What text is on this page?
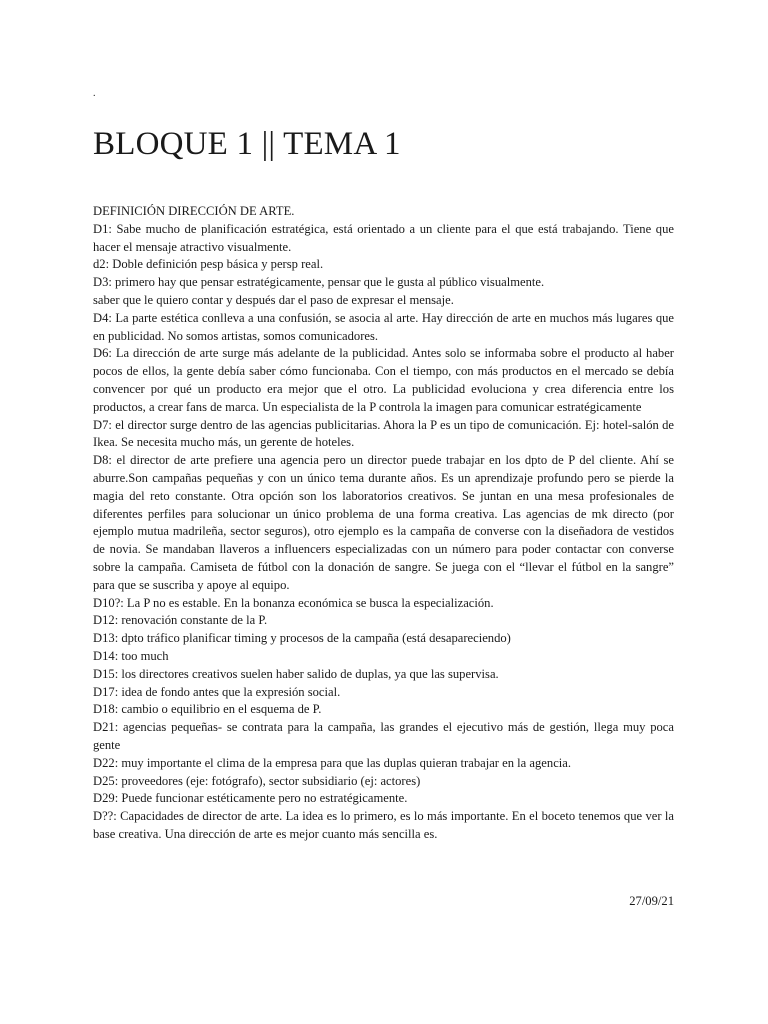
.
BLOQUE 1 || TEMA 1

DEFINICIÓN DIRECCIÓN DE ARTE.

D1: Sabe mucho de planificación estratégica, está orientado a un cliente para el que está trabajando. Tiene que hacer el mensaje atractivo visualmente.

d2: Doble definición pesp básica y persp real.

D3: primero hay que pensar estratégicamente, pensar que le gusta al público visualmente.

saber que le quiero contar y después dar el paso de expresar el mensaje.

D4: La parte estética conlleva a una confusión, se asocia al arte. Hay dirección de arte en muchos más lugares que en publicidad. No somos artistas, somos comunicadores.

D6: La dirección de arte surge más adelante de la publicidad. Antes solo se informaba sobre el producto al haber pocos de ellos, la gente debía saber cómo funcionaba. Con el tiempo, con más productos en el mercado se debía convencer por qué un producto era mejor que el otro. La publicidad evoluciona y crea diferencia entre los productos, a crear fans de marca. Un especialista de la P controla la imagen para comunicar estratégicamente

D7: el director surge dentro de las agencias publicitarias. Ahora la P es un tipo de comunicación. Ej: hotel-salón de Ikea. Se necesita mucho más, un gerente de hoteles.

D8: el director de arte prefiere una agencia pero un director puede trabajar en los dpto de P del cliente. Ahí se aburre.Son campañas pequeñas y con un único tema durante años. Es un aprendizaje profundo pero se pierde la magia del reto constante. Otra opción son los laboratorios creativos. Se juntan en una mesa profesionales de diferentes perfiles para solucionar un único problema de una forma creativa. Las agencias de mk directo (por ejemplo mutua madrileña, sector seguros), otro ejemplo es la campaña de converse con la diseñadora de vestidos de novia. Se mandaban llaveros a influencers especializadas con un número para poder contactar con converse sobre la campaña. Camiseta de fútbol con la donación de sangre. Se juega con el “llevar el fútbol en la sangre” para que se suscriba y apoye al equipo.

D10?: La P no es estable. En la bonanza económica se busca la especialización.

D12: renovación constante de la P.

D13: dpto tráfico planificar timing y procesos de la campaña (está desapareciendo)

D14: too much

D15: los directores creativos suelen haber salido de duplas, ya que las supervisa.

D17: idea de fondo antes que la expresión social.

D18: cambio o equilibrio en el esquema de P.

D21: agencias pequeñas- se contrata para la campaña, las grandes el ejecutivo más de gestión, llega muy poca gente

D22: muy importante el clima de la empresa para que las duplas quieran trabajar en la agencia.

D25: proveedores (eje: fotógrafo), sector subsidiario (ej: actores)

D29: Puede funcionar estéticamente pero no estratégicamente.

D??: Capacidades de director de arte. La idea es lo primero, es lo más importante. En el boceto tenemos que ver la base creativa. Una dirección de arte es mejor cuanto más sencilla es.

27/09/21
